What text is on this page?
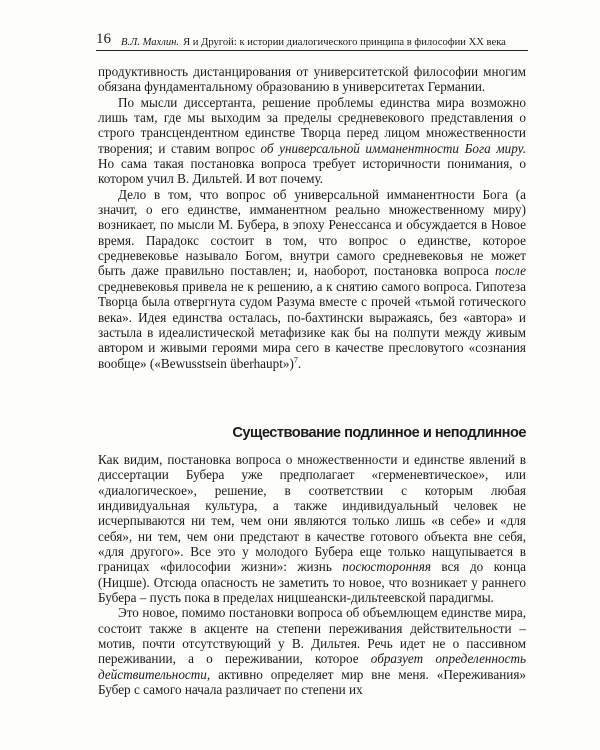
16 В.Л. Махлин. Я и Другой: к истории диалогического принципа в философии XX века

продуктивность дистанцирования от университетской философии многим обязана фундаментальному образованию в университетах Германии.

По мысли диссертанта, решение проблемы единства мира возможно лишь там, где мы выходим за пределы средневекового представления о строго трансцендентном единстве Творца перед лицом множественности творения; и ставим вопрос об универсальной имманентности Бога миру. Но сама такая постановка вопроса требует историчности понимания, о котором учил В. Дильтей. И вот почему.

Дело в том, что вопрос об универсальной имманентности Бога (а значит, о его единстве, имманентном реально множественному миру) возникает, по мысли М. Бубера, в эпоху Ренессанса и обсуждается в Новое время. Парадокс состоит в том, что вопрос о единстве, которое средневековье называло Богом, внутри самого средневековья не может быть даже правильно поставлен; и, наоборот, постановка вопроса после средневековья привела не к решению, а к снятию самого вопроса. Гипотеза Творца была отвергнута судом Разума вместе с прочей «тьмой готического века». Идея единства осталась, по-бахтински выражаясь, без «автора» и застыла в идеалистической метафизике как бы на полпути между живым автором и живыми героями мира сего в качестве пресловутого «сознания вообще» («Bewusstsein überhaupt»)$^7$.

Существование подлинное и неподлинное

Как видим, постановка вопроса о множественности и единстве явлений в диссертации Бубера уже предполагает «герменевтическое», или «диалогическое», решение, в соответствии с которым любая индивидуальная культура, а также индивидуальный человек не исчерпываются ни тем, чем они являются только лишь «в себе» и «для себя», ни тем, чем они предстают в качестве готового объекта вне себя, «для другого». Все это у молодого Бубера еще только нащупывается в границах «философии жизни»: жизнь посюсторонняя вся до конца (Ницше). Отсюда опасность не заметить то новое, что возникает у раннего Бубера – пусть пока в пределах ницшеански-дильтеевской парадигмы.

Это новое, помимо постановки вопроса об объемлющем единстве мира, состоит также в акценте на степени переживания действительности – мотив, почти отсутствующий у В. Дильтея. Речь идет не о пассивном переживании, а о переживании, которое образует определенность действительности, активно определяет мир вне меня. «Переживания» Бубер с самого начала различает по степени их
